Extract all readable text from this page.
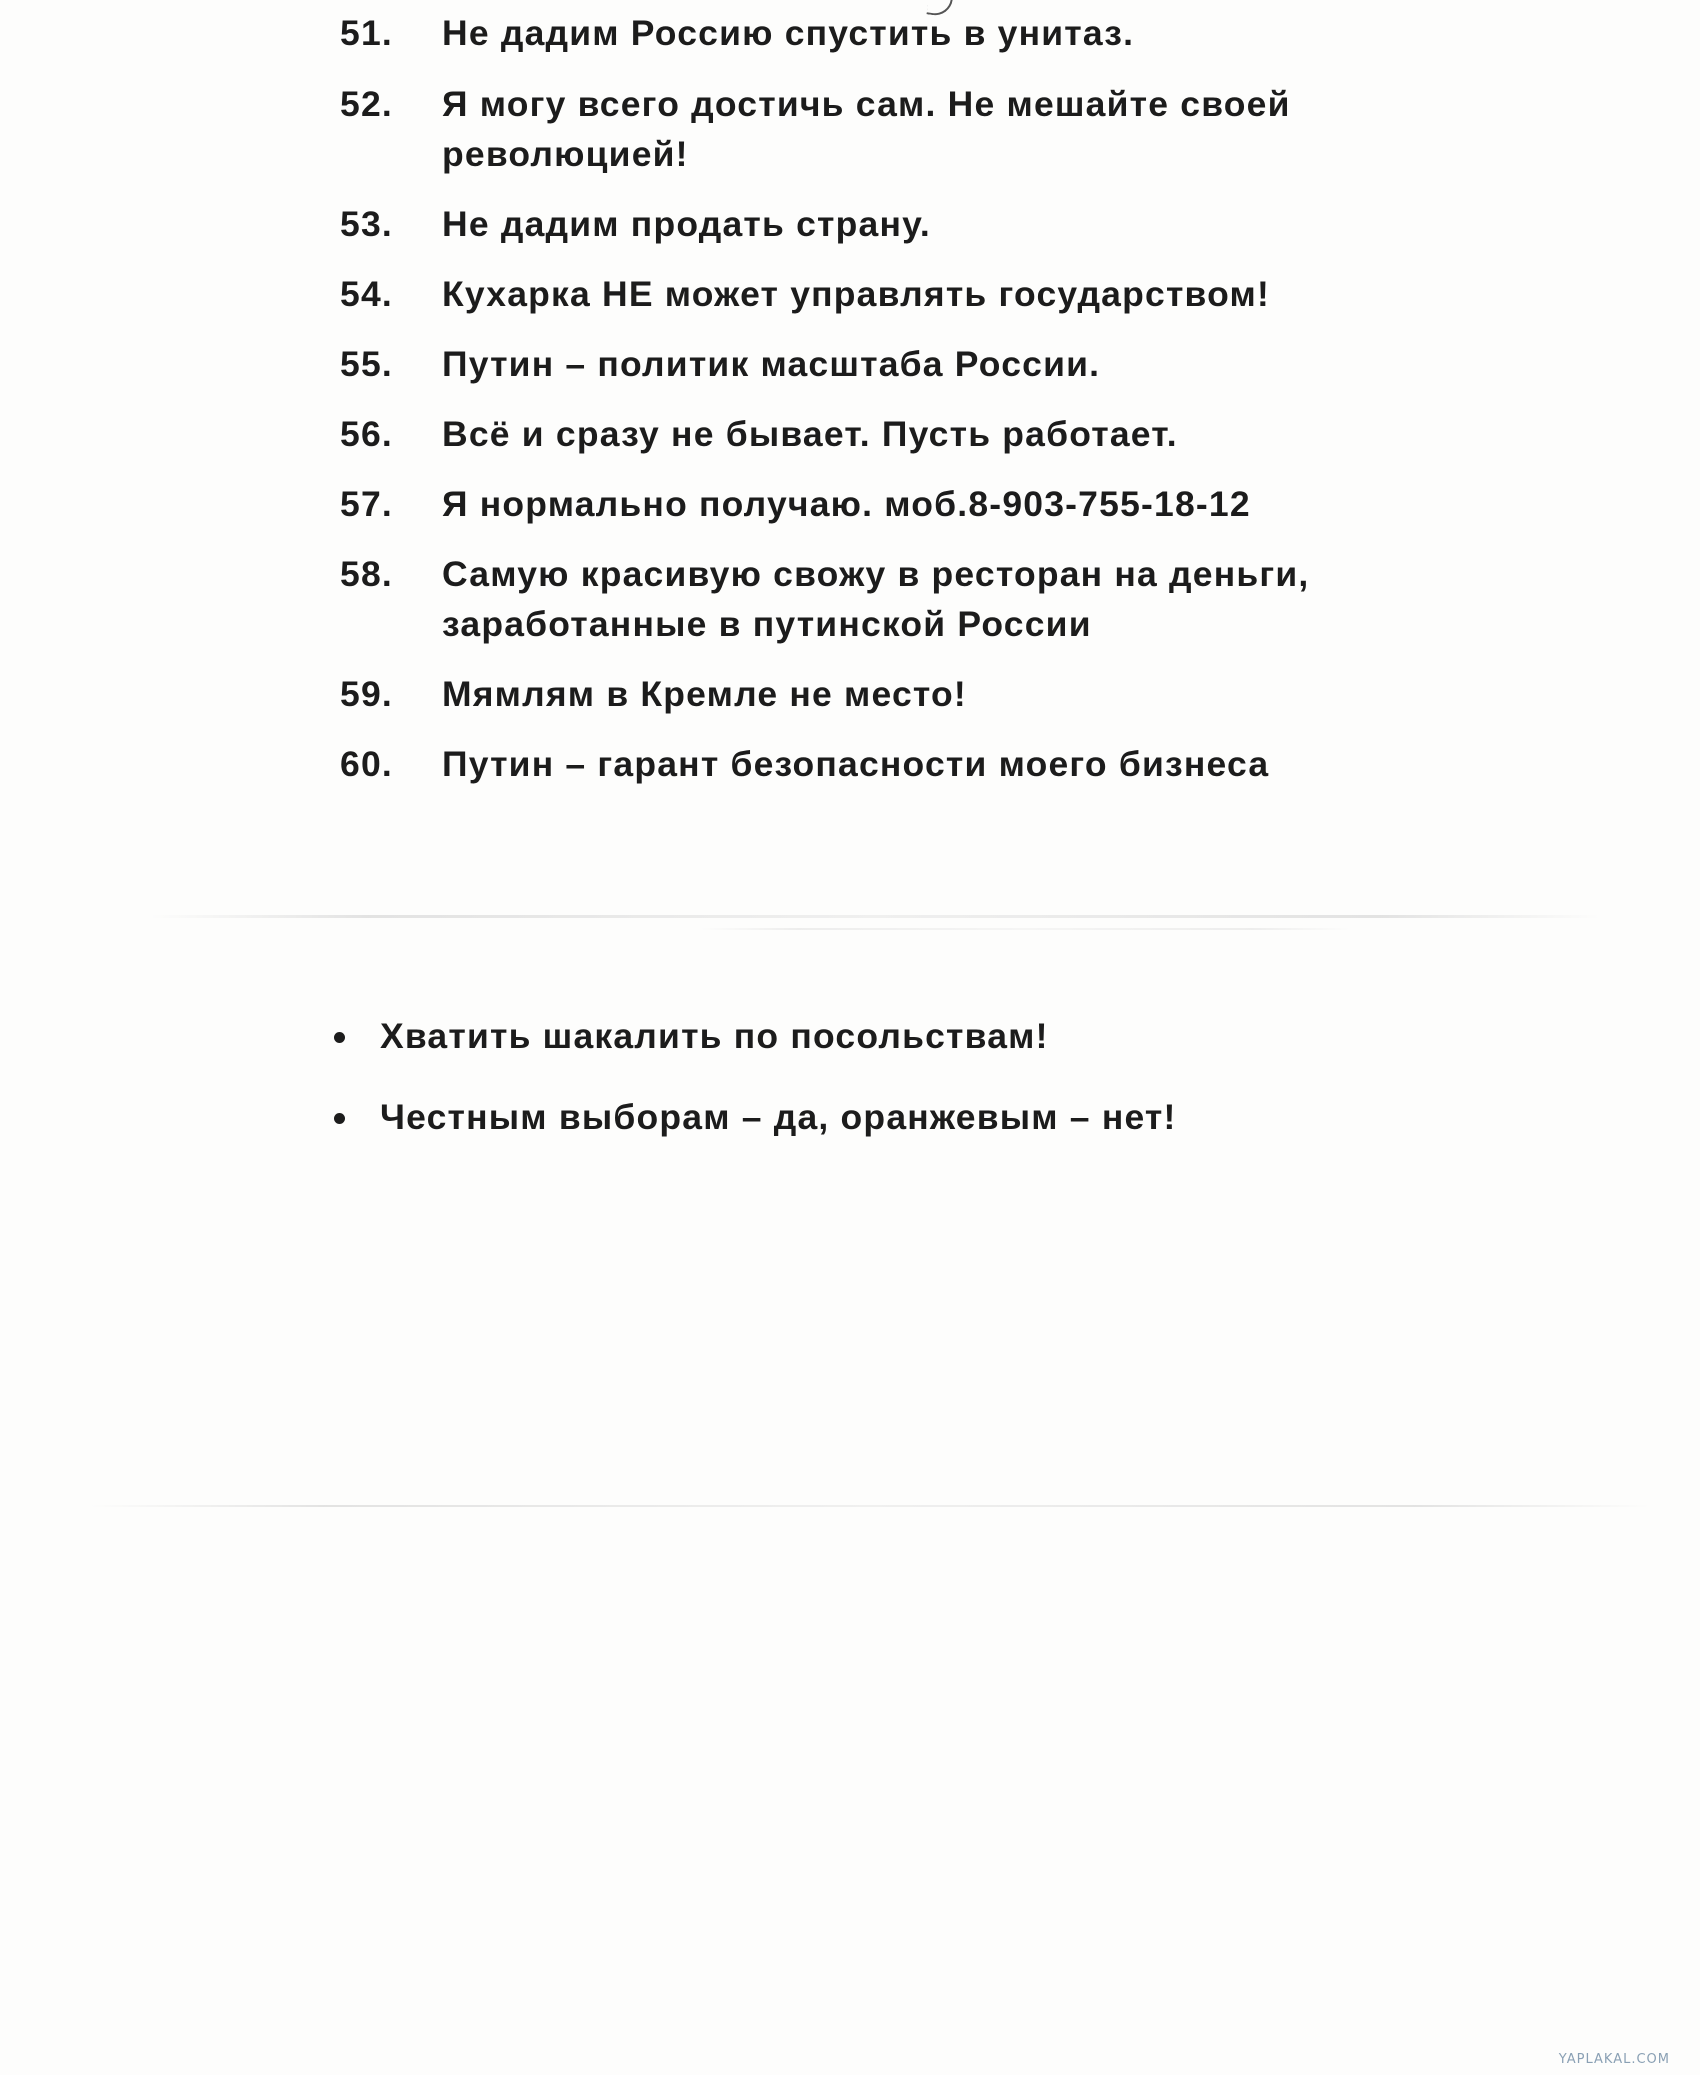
51.	Не дадим Россию спустить в унитаз.
52.	Я могу всего достичь сам. Не мешайте своей революцией!
53.	Не дадим продать страну.
54.	Кухарка НЕ может управлять государством!
55.	Путин – политик масштаба России.
56.	Всё и сразу не бывает. Пусть работает.
57.	Я нормально получаю. моб.8-903-755-18-12
58.	Самую красивую свожу в ресторан на деньги, заработанные в путинской России
59.	Мямлям в Кремле не место!
60.	Путин – гарант безопасности моего бизнеса
Хватить шакалить по посольствам!
Честным выборам – да, оранжевым – нет!
YAPLAKAL.COM
